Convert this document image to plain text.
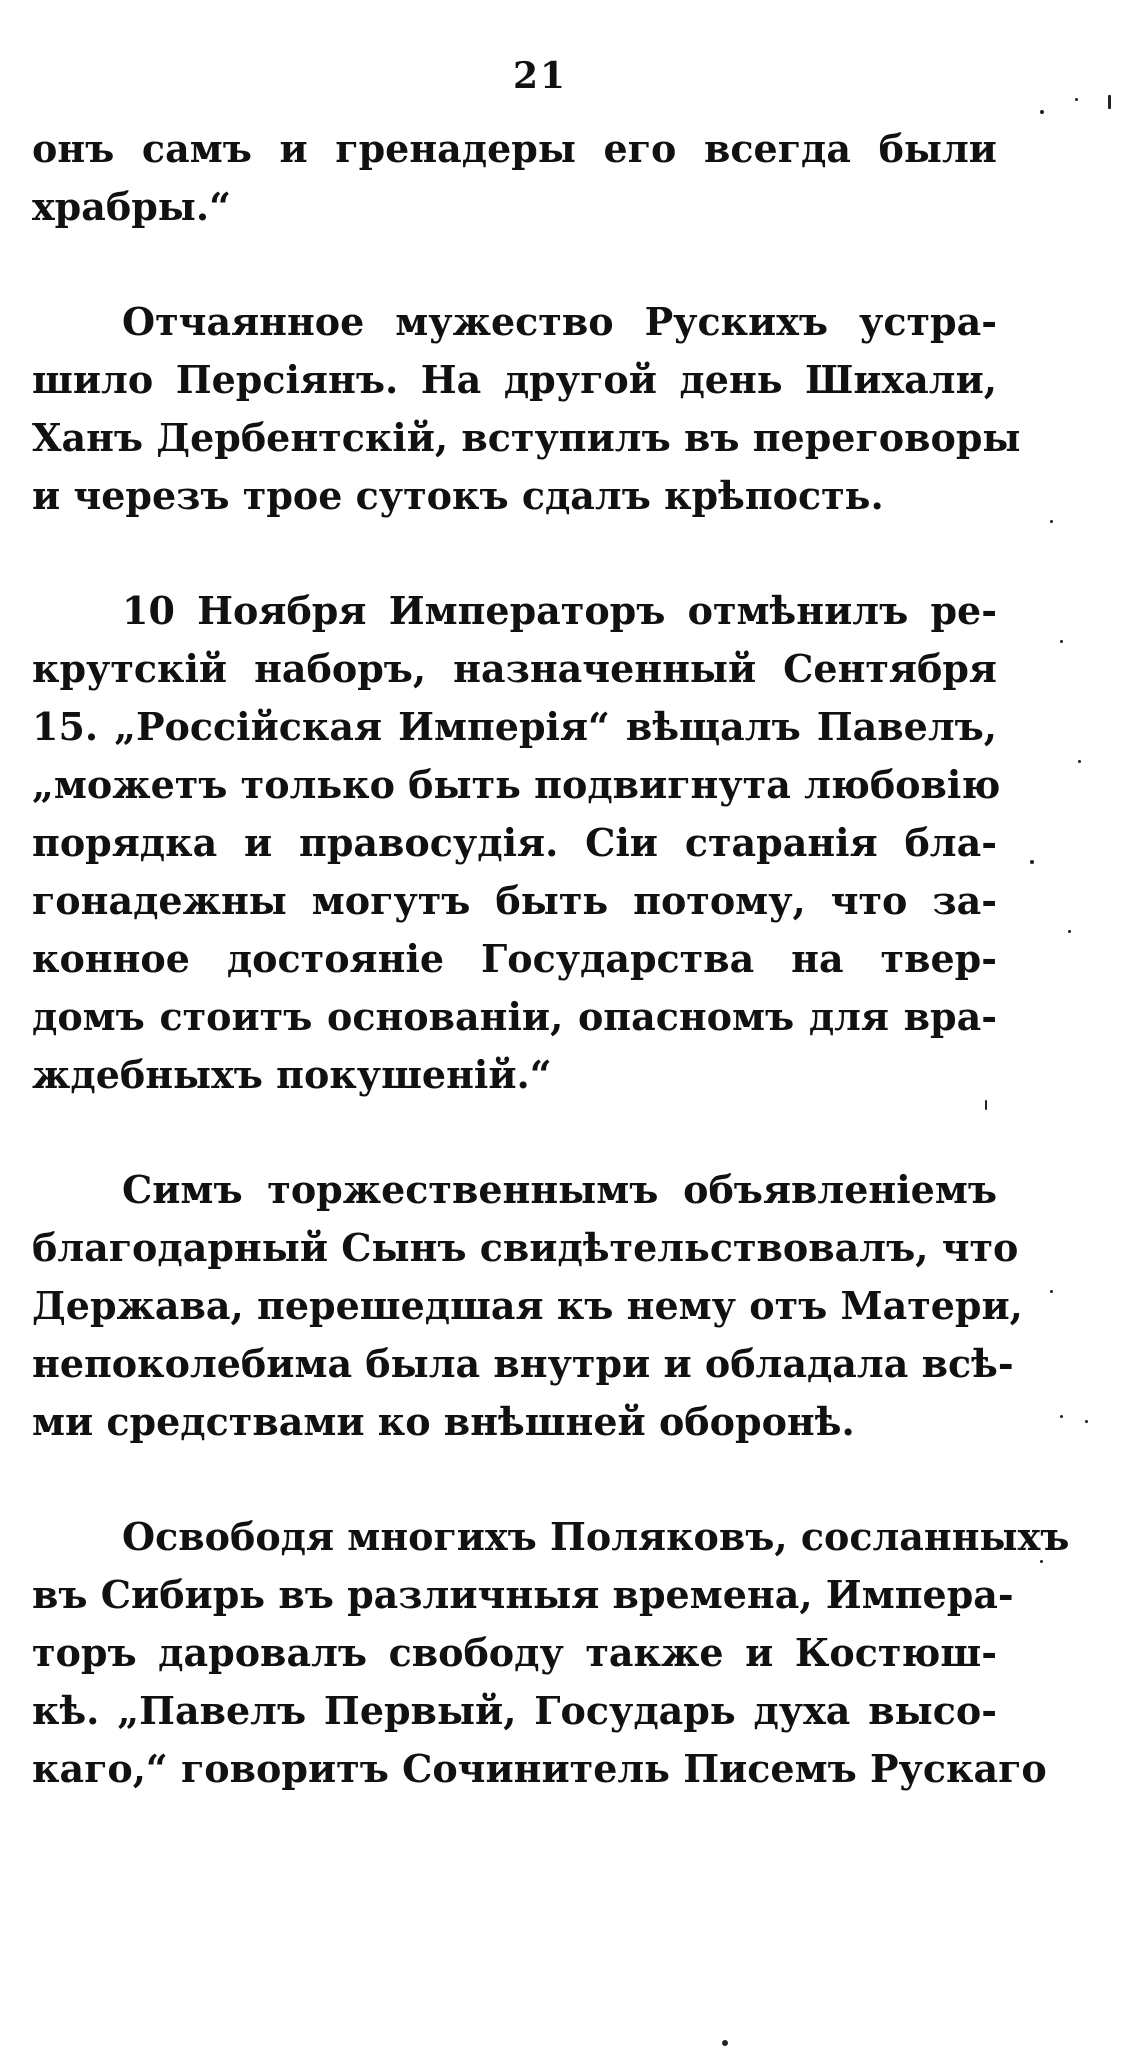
21
онъ самъ и гренадеры его всегда были
храбры.“
Отчаянное мужество Рускихъ устра-
шило Персіянъ. На другой день Шихали,
Ханъ Дербентскій, вступилъ въ переговоры
и черезъ трое сутокъ сдалъ крѣпость.
10 Ноября Императоръ отмѣнилъ ре-
крутскій наборъ, назначенный Сентября
15. „Россійская Имперія“ вѣщалъ Павелъ,
„можетъ только быть подвигнута любовію
порядка и правосудія. Сіи старанія бла-
гонадежны могутъ быть потому, что за-
конное достояніе Государства на твер-
домъ стоитъ основаніи, опасномъ для вра-
ждебныхъ покушеній.“
Симъ торжественнымъ объявленіемъ
благодарный Сынъ свидѣтельствовалъ, что
Держава, перешедшая къ нему отъ Матери,
непоколебима была внутри и обладала всѣ-
ми средствами ко внѣшней оборонѣ.
Освободя многихъ Поляковъ, сосланныхъ
въ Сибирь въ различныя времена, Импера-
торъ даровалъ свободу также и Костюш-
кѣ. „Павелъ Первый, Государь духа высо-
каго,“ говоритъ Сочинитель Писемъ Рускаго
